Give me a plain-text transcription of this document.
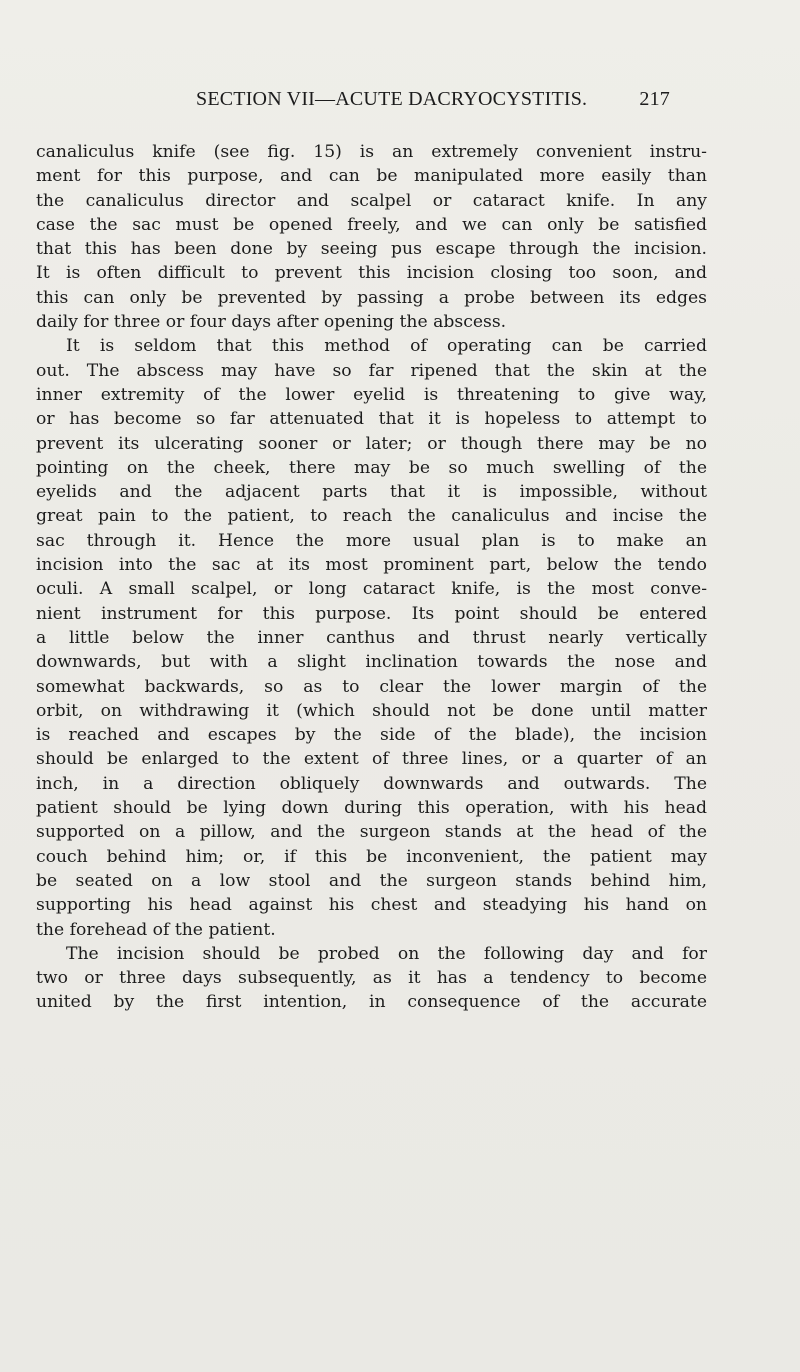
SECTION VII—ACUTE DACRYOCYSTITIS.	217
canaliculus knife (see fig. 15) is an extremely convenient instru-
ment for this purpose, and can be manipulated more easily than
the canaliculus director and scalpel or cataract knife. In any
case the sac must be opened freely, and we can only be satisfied
that this has been done by seeing pus escape through the incision.
It is often difficult to prevent this incision closing too soon, and
this can only be prevented by passing a probe between its edges
daily for three or four days after opening the abscess.
It is seldom that this method of operating can be carried
out. The abscess may have so far ripened that the skin at the
inner extremity of the lower eyelid is threatening to give way,
or has become so far attenuated that it is hopeless to attempt to
prevent its ulcerating sooner or later; or though there may be no
pointing on the cheek, there may be so much swelling of the
eyelids and the adjacent parts that it is impossible, without
great pain to the patient, to reach the canaliculus and incise the
sac through it. Hence the more usual plan is to make an
incision into the sac at its most prominent part, below the tendo
oculi. A small scalpel, or long cataract knife, is the most conve-
nient instrument for this purpose. Its point should be entered
a little below the inner canthus and thrust nearly vertically
downwards, but with a slight inclination towards the nose and
somewhat backwards, so as to clear the lower margin of the
orbit, on withdrawing it (which should not be done until matter
is reached and escapes by the side of the blade), the incision
should be enlarged to the extent of three lines, or a quarter of an
inch, in a direction obliquely downwards and outwards. The
patient should be lying down during this operation, with his head
supported on a pillow, and the surgeon stands at the head of the
couch behind him; or, if this be inconvenient, the patient may
be seated on a low stool and the surgeon stands behind him,
supporting his head against his chest and steadying his hand on
the forehead of the patient.
The incision should be probed on the following day and for
two or three days subsequently, as it has a tendency to become
united by the first intention, in consequence of the accurate
